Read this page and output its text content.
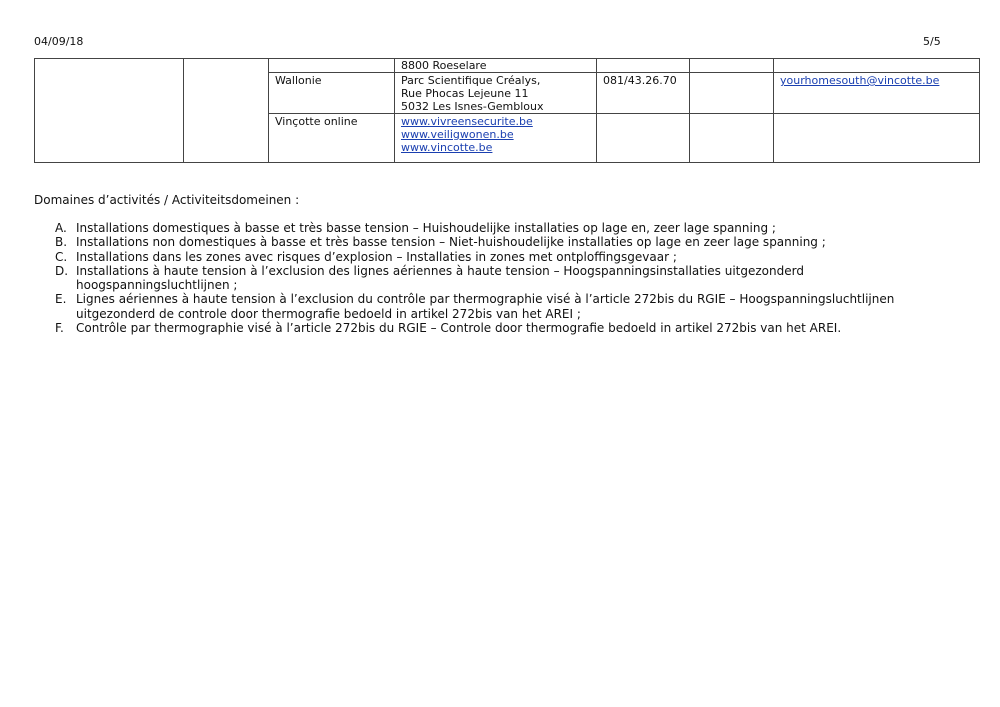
04/09/18	5/5

			8800 Roeselare			

		Wallonie	Parc Scientifique Créalys,
Rue Phocas Lejeune 11
5032 Les Isnes-Gembloux	081/43.26.70		yourhomesouth@vincotte.be
		Vinçotte online	www.vivreensecurite.be
www.veiligwonen.be
www.vincotte.be			

Domaines d’activités / Activiteitsdomeinen :
A. Installations domestiques à basse et très basse tension – Huishoudelijke installaties op lage en, zeer lage spanning ;
B. Installations non domestiques à basse et très basse tension – Niet-huishoudelijke installaties op lage en zeer lage spanning ;
C. Installations dans les zones avec risques d’explosion – Installaties in zones met ontploffingsgevaar ;
D. Installations à haute tension à l’exclusion des lignes aériennes à haute tension – Hoogspanningsinstallaties uitgezonderd hoogspanningsluchtlijnen ;
E. Lignes aériennes à haute tension à l’exclusion du contrôle par thermographie visé à l’article 272bis du RGIE – Hoogspanningsluchtlijnen uitgezonderd de controle door thermografie bedoeld in artikel 272bis van het AREI ;
F.	Contrôle par thermographie visé à l’article 272bis du RGIE – Controle door thermografie bedoeld in artikel 272bis van het AREI.
